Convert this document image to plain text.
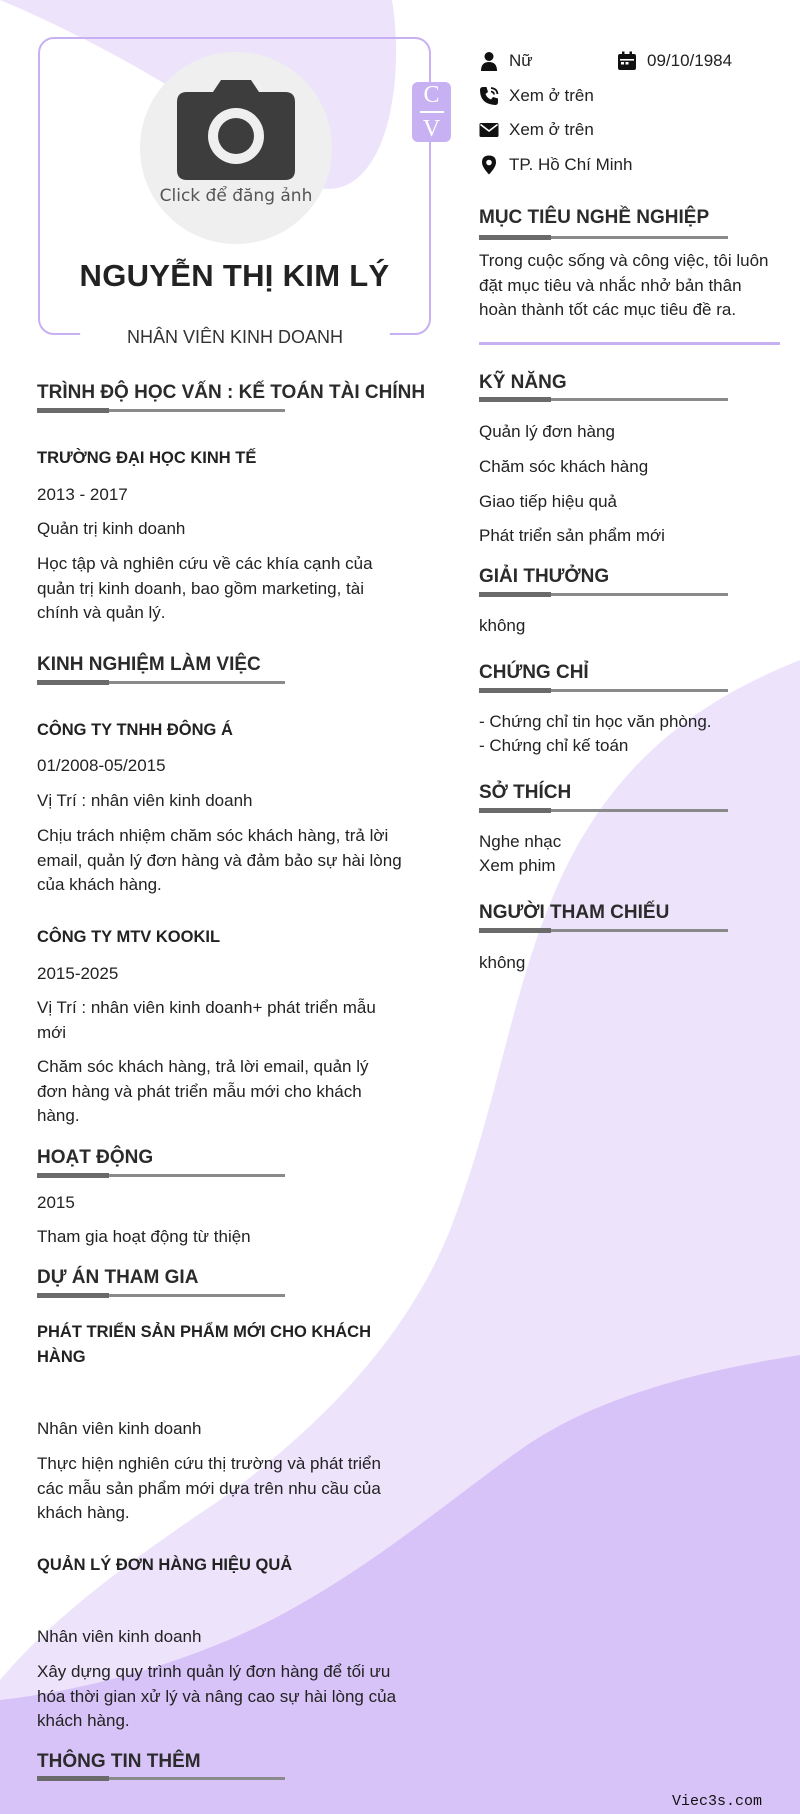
Click để đăng ảnh
NGUYỄN THỊ KIM LÝ
NHÂN VIÊN KINH DOANH
C
V
Nữ	09/10/1984
Xem ở trên
Xem ở trên
TP. Hồ Chí Minh
MỤC TIÊU NGHỀ NGHIỆP
Trong cuộc sống và công việc, tôi luôn đặt mục tiêu và nhắc nhở bản thân hoàn thành tốt các mục tiêu đề ra.
KỸ NĂNG
Quản lý đơn hàng
Chăm sóc khách hàng
Giao tiếp hiệu quả
Phát triển sản phẩm mới
GIẢI THƯỞNG
không
CHỨNG CHỈ
- Chứng chỉ tin học văn phòng.
- Chứng chỉ kế toán
SỞ THÍCH
Nghe nhạc
Xem phim
NGƯỜI THAM CHIẾU
không
TRÌNH ĐỘ HỌC VẤN : KẾ TOÁN TÀI CHÍNH
TRƯỜNG ĐẠI HỌC KINH TẾ
2013 - 2017
Quản trị kinh doanh
Học tập và nghiên cứu về các khía cạnh của quản trị kinh doanh, bao gồm marketing, tài chính và quản lý.
KINH NGHIỆM LÀM VIỆC
CÔNG TY TNHH ĐÔNG Á
01/2008-05/2015
Vị Trí : nhân viên kinh doanh
Chịu trách nhiệm chăm sóc khách hàng, trả lời email, quản lý đơn hàng và đảm bảo sự hài lòng của khách hàng.
CÔNG TY MTV KOOKIL
2015-2025
Vị Trí : nhân viên kinh doanh+ phát triển mẫu mới
Chăm sóc khách hàng, trả lời email, quản lý đơn hàng và phát triển mẫu mới cho khách hàng.
HOẠT ĐỘNG
2015
Tham gia hoạt động từ thiện
DỰ ÁN THAM GIA
PHÁT TRIỂN SẢN PHẨM MỚI CHO KHÁCH HÀNG
Nhân viên kinh doanh
Thực hiện nghiên cứu thị trường và phát triển các mẫu sản phẩm mới dựa trên nhu cầu của khách hàng.
QUẢN LÝ ĐƠN HÀNG HIỆU QUẢ
Nhân viên kinh doanh
Xây dựng quy trình quản lý đơn hàng để tối ưu hóa thời gian xử lý và nâng cao sự hài lòng của khách hàng.
THÔNG TIN THÊM
Viec3s.com
